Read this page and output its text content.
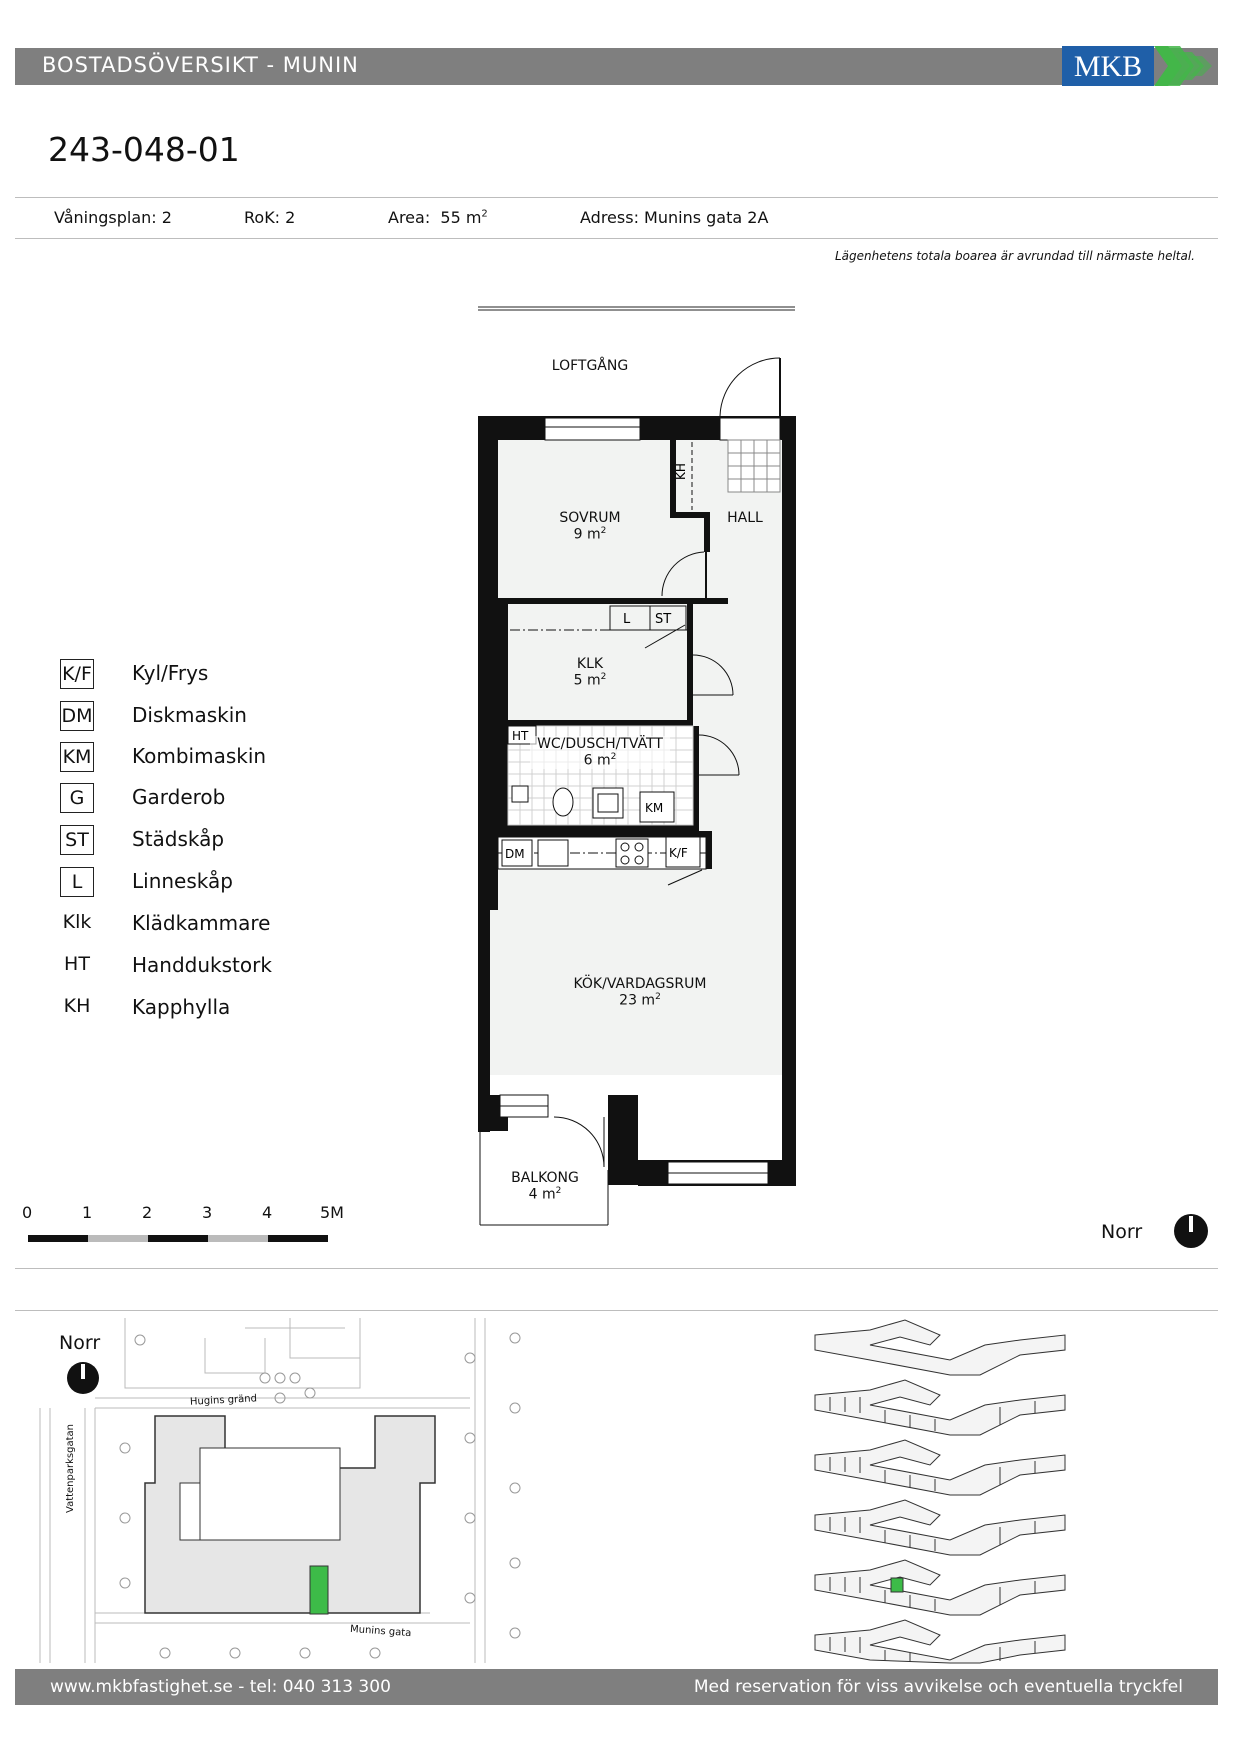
BOSTADSÖVERSIKT - MUNIN	MKB
243-048-01
Våningsplan: 2	RoK: 2	Area: 55 $m^2$	Adress: Munins gata 2A
Lägenhetens totala boarea är avrundad till närmaste heltal.
K/F Kyl/Frys
DM Diskmaskin
KM Kombimaskin
G	Garderob
ST Städskåp
L	Linneskåp
Klk Klädkammare
HT Handdukstork
KH Kapphylla
KH
L ST
HT
KM
DM	K/F
LOFTGÅNG
SOVRUM
9 $m^2$
HALL
KLK
5 $m^2$
WC/DUSCH/TVÄTT
6 $m^2$
KÖK/VARDAGSRUM
23 $m^2$
BALKONG
4 $m^2$
0	1	2	3	4	5M
Norr
Norr
Hugins gränd
Vattenparksgatan
Munins gata
www.mkbfastighet.se - tel: 040 313 300	Med reservation för viss avvikelse och eventuella tryckfel
